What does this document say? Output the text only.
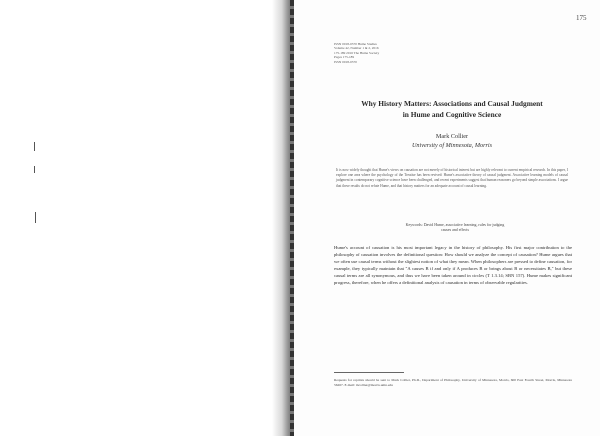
175
ISSN 0018-0370 Hume Studies
Volume 42, Number 1 & 2, 2016
175-189 2016 The Hume Society
Pages 175-189
ISSN 0018-0370
Why History Matters: Associations and Causal Judgment
in Hume and Cognitive Science
Mark Collier
University of Minnesota, Morris
It is now widely thought that Hume's views on causation are not merely of historical interest but are highly relevant to current empirical research. In this paper, I explore one area where the psychology of the Treatise has been revived: Hume's associative theory of causal judgment. Associative learning models of causal judgment in contemporary cognitive science have been challenged, and recent experiments suggest that human reasoners go beyond simple associations. I argue that these results do not refute Hume, and that history matters for an adequate account of causal learning.
Keywords: David Hume, associative learning, rules for judging
causes and effects
Hume's account of causation is his most important legacy in the history of philosophy. His first major contribution to the philosophy of causation involves the definitional question: How should we analyze the concept of causation? Hume argues that we often use causal terms without the slightest notion of what they mean. When philosophers are pressed to define causation, for example, they typically maintain that "A causes B if and only if A produces B or brings about B or necessitates B," but these causal terms are all synonymous, and thus we have been taken around in circles (T 1.3.14; SBN 157). Hume makes significant progress, therefore, when he offers a definitional analysis of causation in terms of observable regularities.
Requests for reprints should be sent to Mark Collier, Ph.D., Department of Philosophy, University of Minnesota, Morris, 600 East Fourth Street, Morris, Minnesota 56267. E-mail: mcollier@morris.umn.edu
